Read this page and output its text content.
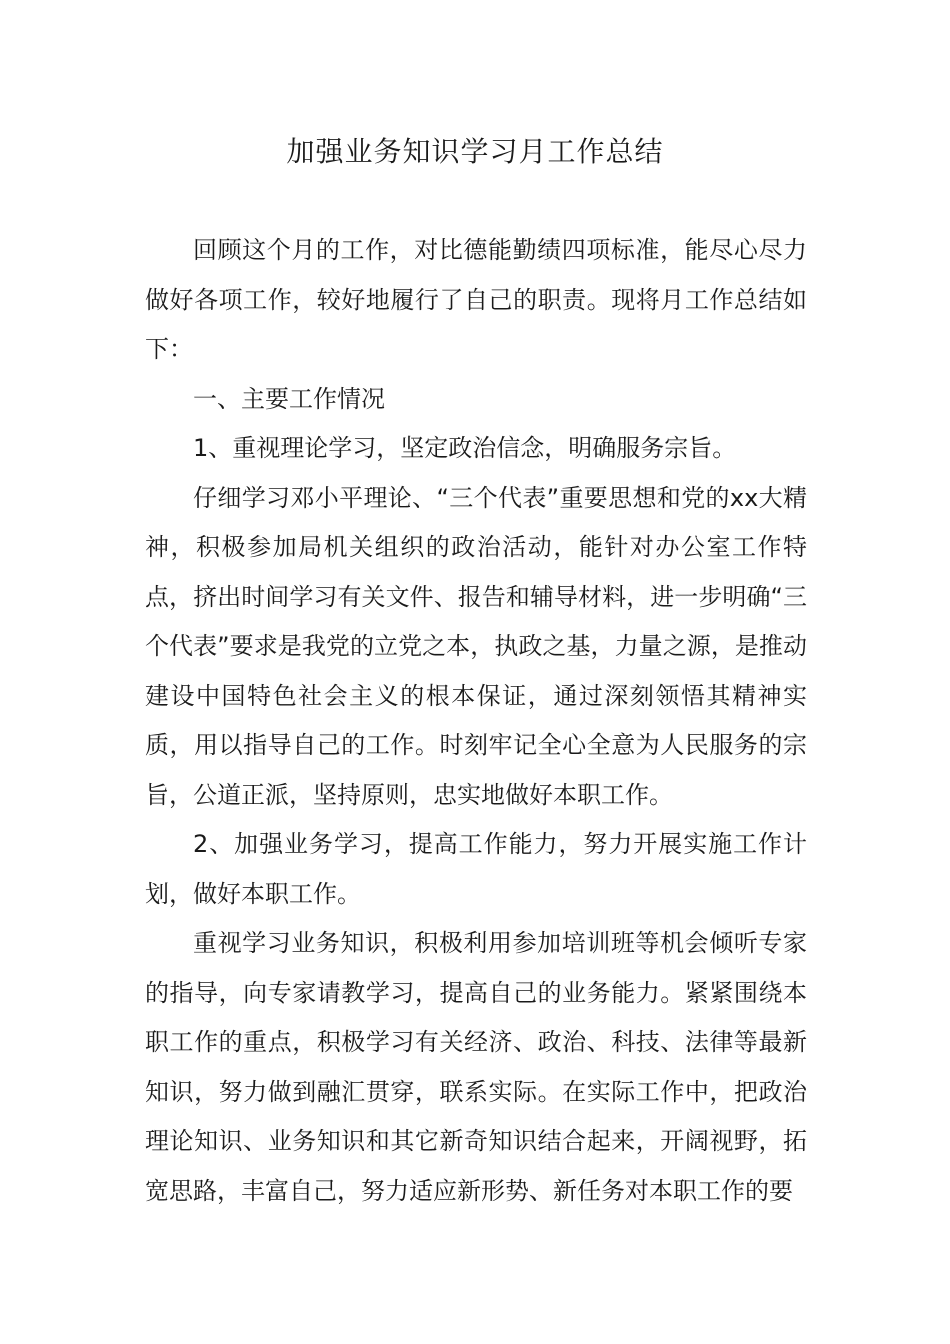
加强业务知识学习月工作总结

回顾这个月的工作，对比德能勤绩四项标准，能尽心尽力做好各项工作，较好地履行了自己的职责。现将月工作总结如下：

一、主要工作情况

1、重视理论学习，坚定政治信念，明确服务宗旨。

仔细学习邓小平理论、“三个代表”重要思想和党的xx大精神，积极参加局机关组织的政治活动，能针对办公室工作特点，挤出时间学习有关文件、报告和辅导材料，进一步明确“三个代表”要求是我党的立党之本，执政之基，力量之源，是推动建设中国特色社会主义的根本保证，通过深刻领悟其精神实质，用以指导自己的工作。时刻牢记全心全意为人民服务的宗旨，公道正派，坚持原则，忠实地做好本职工作。

2、加强业务学习，提高工作能力，努力开展实施工作计划，做好本职工作。

重视学习业务知识，积极利用参加培训班等机会倾听专家的指导，向专家请教学习，提高自己的业务能力。紧紧围绕本职工作的重点，积极学习有关经济、政治、科技、法律等最新知识，努力做到融汇贯穿，联系实际。在实际工作中，把政治理论知识、业务知识和其它新奇知识结合起来，开阔视野，拓宽思路，丰富自己，努力适应新形势、新任务对本职工作的要
